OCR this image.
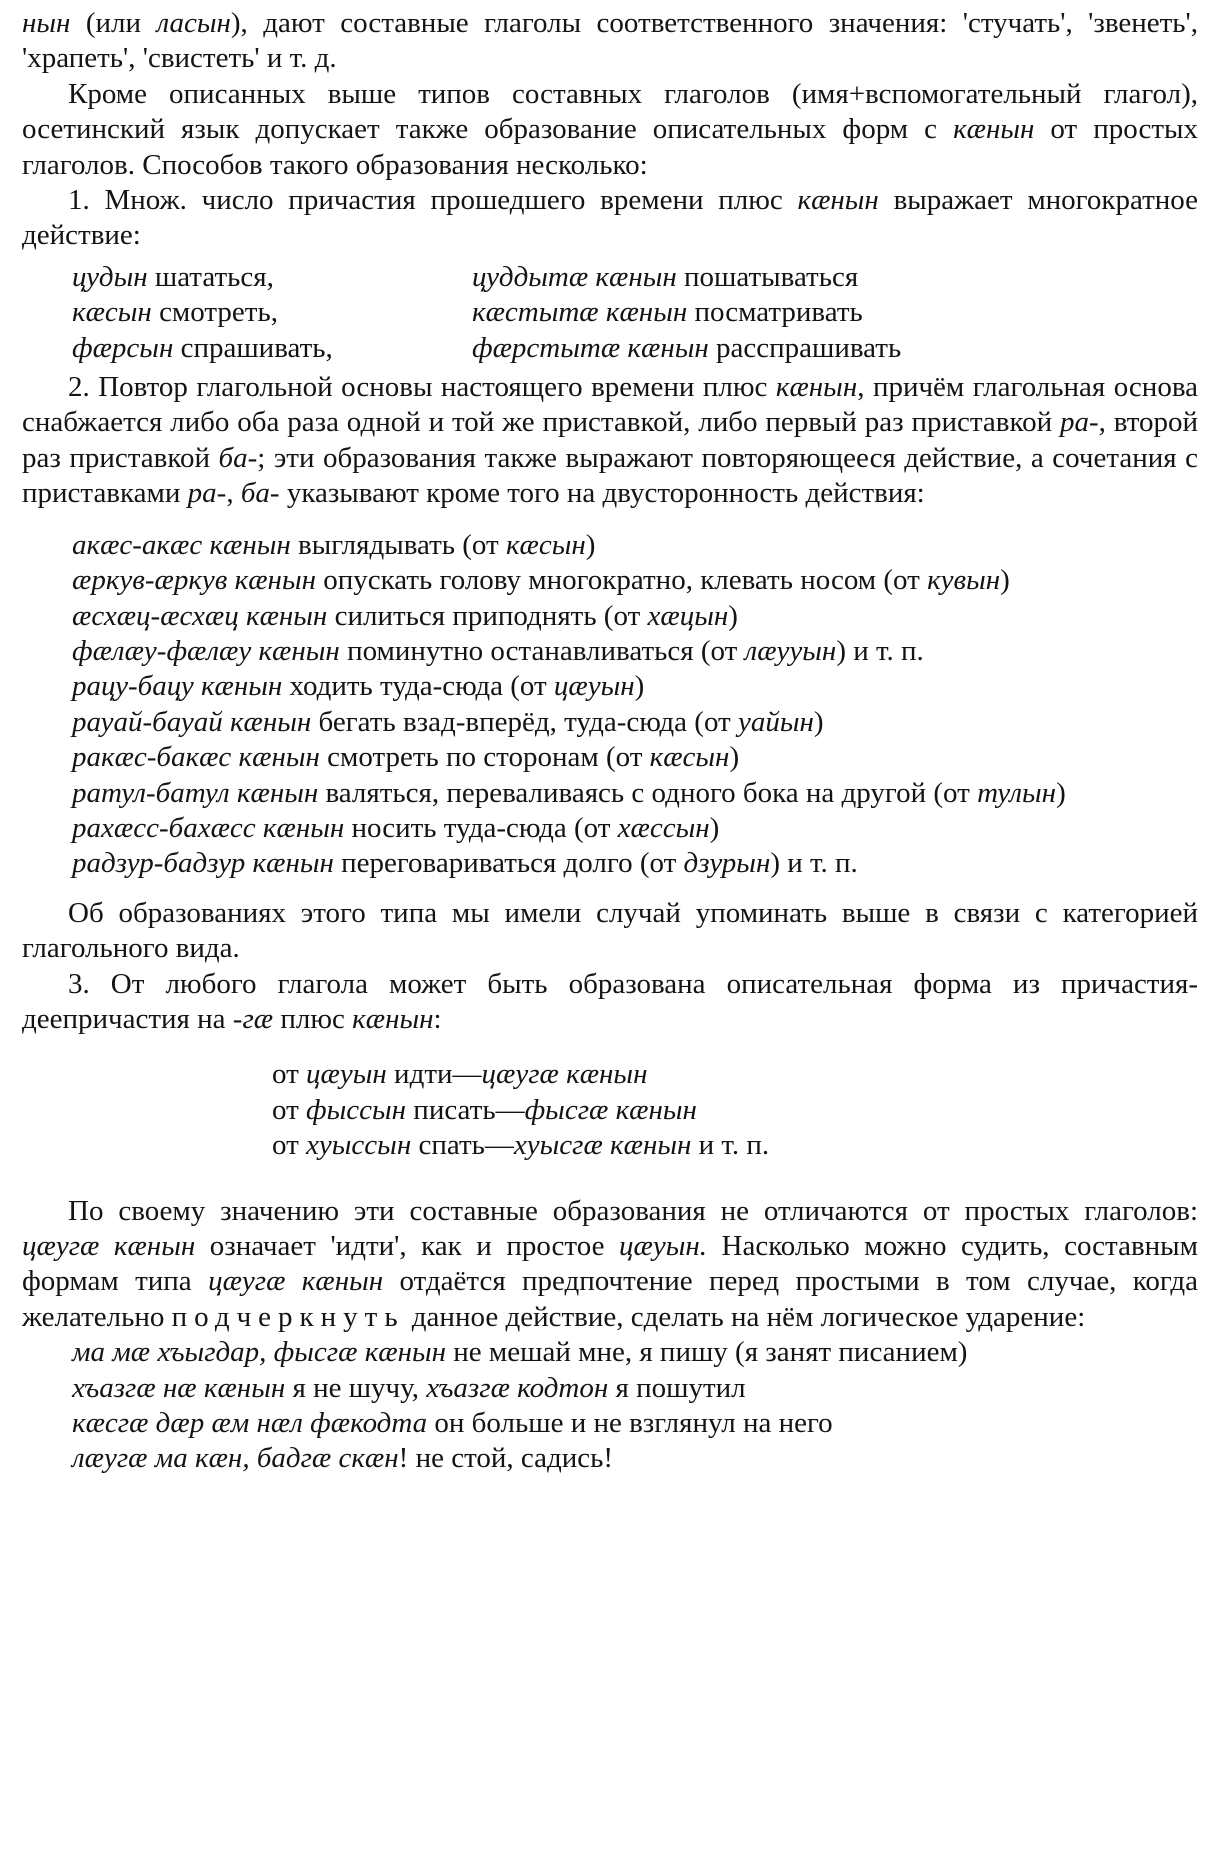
нын (или ласын), дают составные глаголы соответственного значения: 'стучать', 'звенеть', 'храпеть', 'свистеть' и т. д.

Кроме описанных выше типов составных глаголов (имя+вспомогательный глагол), осетинский язык допускает также образование описательных форм с кæнын от простых глаголов. Способов такого образования несколько:

1. Множ. число причастия прошедшего времени плюс кæнын выражает многократное действие:

цудын шататься,	цуддытæ кæнын пошатываться
кæсын смотреть,	кæстытæ кæнын посматривать
фæрсын спрашивать,	фæрстытæ кæнын расспрашивать

2. Повтор глагольной основы настоящего времени плюс кæнын, причём глагольная основа снабжается либо оба раза одной и той же приставкой, либо первый раз приставкой ра-, второй раз приставкой ба-; эти образования также выражают повторяющееся действие, а сочетания с приставками ра-, ба- указывают кроме того на двусторонность действия:

акæс-акæс кæнын выглядывать (от кæсын)
æркув-æркув кæнын опускать голову многократно, клевать носом (от кувын)
æсхæц-æсхæц кæнын силиться приподнять (от хæцын)
фæлæу-фæлæу кæнын поминутно останавливаться (от лæууын) и т. п.
рацу-бацу кæнын ходить туда-сюда (от цæуын)
рауай-бауай кæнын бегать взад-вперёд, туда-сюда (от уайын)
ракæс-бакæс кæнын смотреть по сторонам (от кæсын)
ратул-батул кæнын валяться, переваливаясь с одного бока на другой (от тулын)
рахæсс-бахæсс кæнын носить туда-сюда (от хæссын)
радзур-бадзур кæнын переговариваться долго (от дзурын) и т. п.

Об образованиях этого типа мы имели случай упоминать выше в связи с категорией глагольного вида.

3. От любого глагола может быть образована описательная форма из причастия-деепричастия на -гæ плюс кæнын:

от цæуын идти—цæугæ кæнын
от фыссын писать—фысгæ кæнын
от хуыссын спать—хуысгæ кæнын и т. п.

По своему значению эти составные образования не отличаются от простых глаголов: цæугæ кæнын означает 'идти', как и простое цæуын. Насколько можно судить, составным формам типа цæугæ кæнын отдаётся предпочтение перед простыми в том случае, когда желательно подчеркнуть данное действие, сделать на нём логическое ударение:

ма мæ хъыгдар, фысгæ кæнын не мешай мне, я пишу (я занят писанием)
хъазгæ нæ кæнын я не шучу, хъазгæ кодтон я пошутил
кæсгæ дæр æм нæл фæкодта он больше и не взглянул на него
лæугæ ма кæн, бадгæ скæн! не стой, садись!
